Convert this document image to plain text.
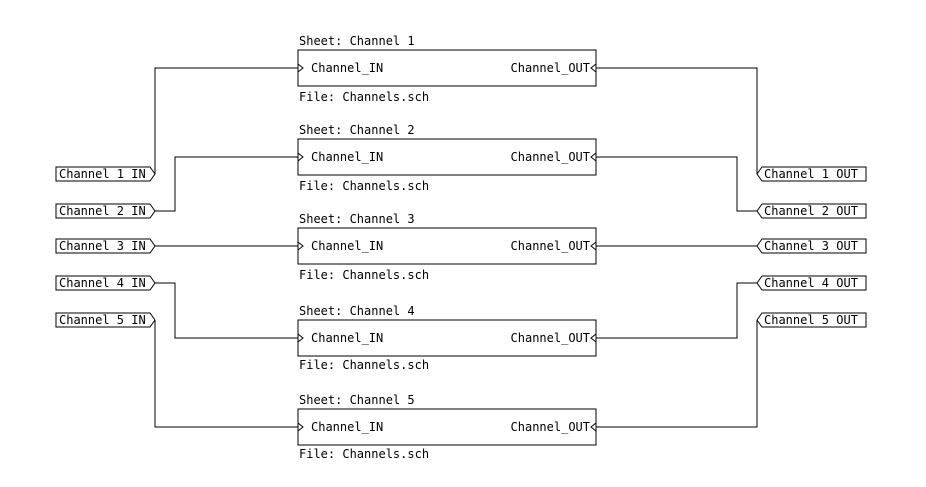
Sheet: Channel 1
Channel_IN	Channel_OUT
File: Channels.sch
Sheet: Channel 2
Channel_IN	Channel_OUT
File: Channels.sch
Sheet: Channel 3
Channel_IN	Channel_OUT
File: Channels.sch
Sheet: Channel 4
Channel_IN	Channel_OUT
File: Channels.sch
Sheet: Channel 5
Channel_IN	Channel_OUT
File: Channels.sch
Channel_1_IN
Channel_2_IN
Channel_3_IN
Channel_4_IN
Channel_5_IN
Channel_1_OUT
Channel_2_OUT
Channel_3_OUT
Channel_4_OUT
Channel_5_OUT
